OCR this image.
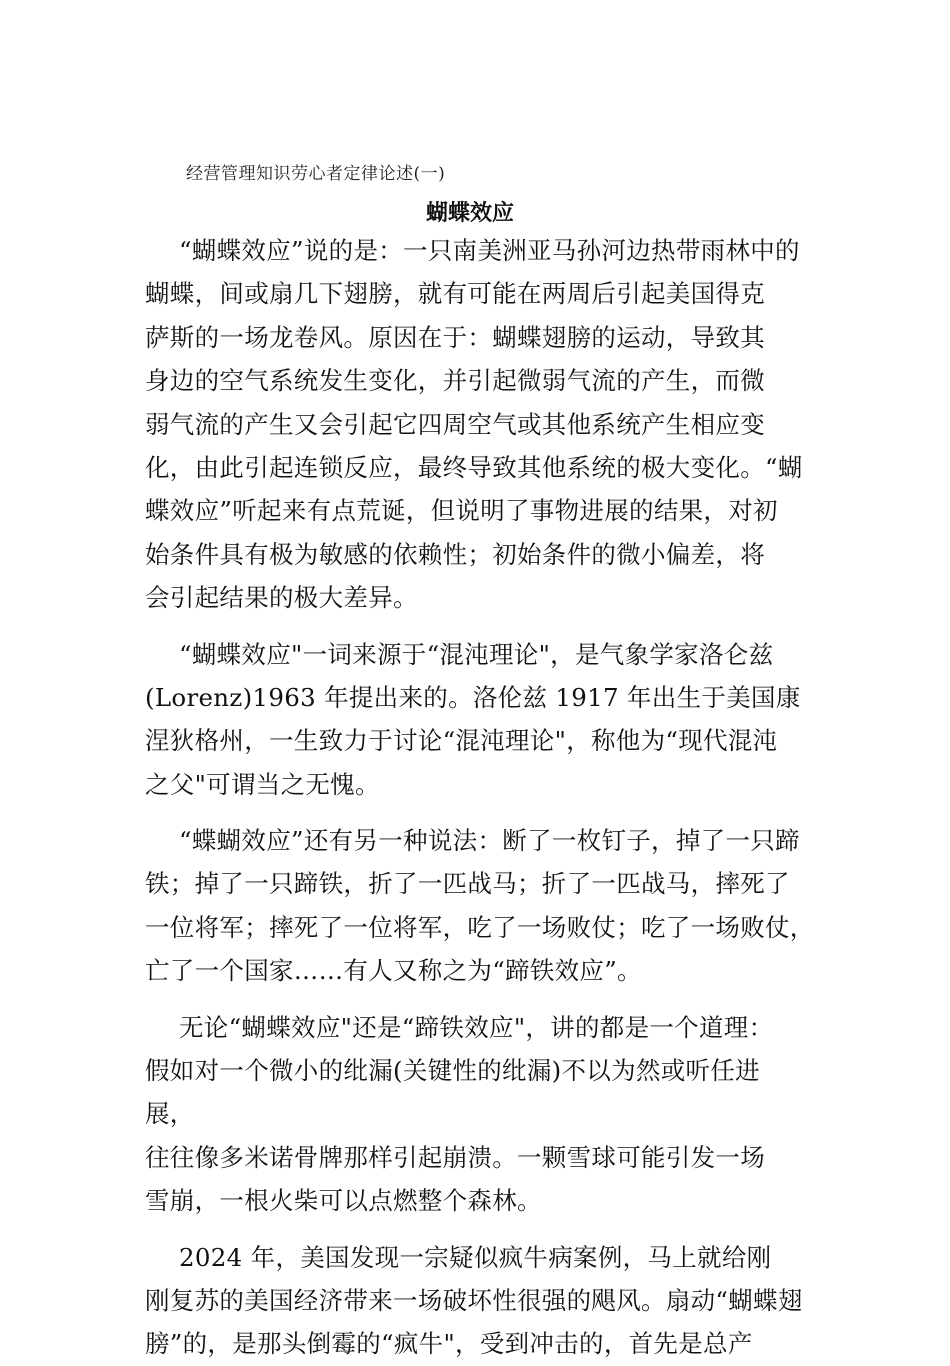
经营管理知识劳心者定律论述(一)
蝴蝶效应

“蝴蝶效应”说的是：一只南美洲亚马孙河边热带雨林中的
蝴蝶，间或扇几下翅膀，就有可能在两周后引起美国得克
萨斯的一场龙卷风。原因在于：蝴蝶翅膀的运动，导致其
身边的空气系统发生变化，并引起微弱气流的产生，而微
弱气流的产生又会引起它四周空气或其他系统产生相应变
化，由此引起连锁反应，最终导致其他系统的极大变化。“蝴
蝶效应”听起来有点荒诞，但说明了事物进展的结果，对初
始条件具有极为敏感的依赖性；初始条件的微小偏差，将
会引起结果的极大差异。

“蝴蝶效应"一词来源于“混沌理论"，是气象学家洛仑兹
(Lorenz)1963 年提出来的。洛伦兹 1917 年出生于美国康
涅狄格州，一生致力于讨论“混沌理论"，称他为“现代混沌
之父"可谓当之无愧。

“蝶蝴效应”还有另一种说法：断了一枚钉子，掉了一只蹄
铁；掉了一只蹄铁，折了一匹战马；折了一匹战马，摔死了
一位将军；摔死了一位将军，吃了一场败仗；吃了一场败仗，
亡了一个国家……有人又称之为“蹄铁效应”。

无论“蝴蝶效应"还是“蹄铁效应"，讲的都是一个道理：
假如对一个微小的纰漏(关键性的纰漏)不以为然或听任进
展，
往往像多米诺骨牌那样引起崩溃。一颗雪球可能引发一场
雪崩，一根火柴可以点燃整个森林。

2024 年，美国发现一宗疑似疯牛病案例，马上就给刚
刚复苏的美国经济带来一场破坏性很强的飓风。扇动“蝴蝶翅
膀”的，是那头倒霉的“疯牛"，受到冲击的，首先是总产
